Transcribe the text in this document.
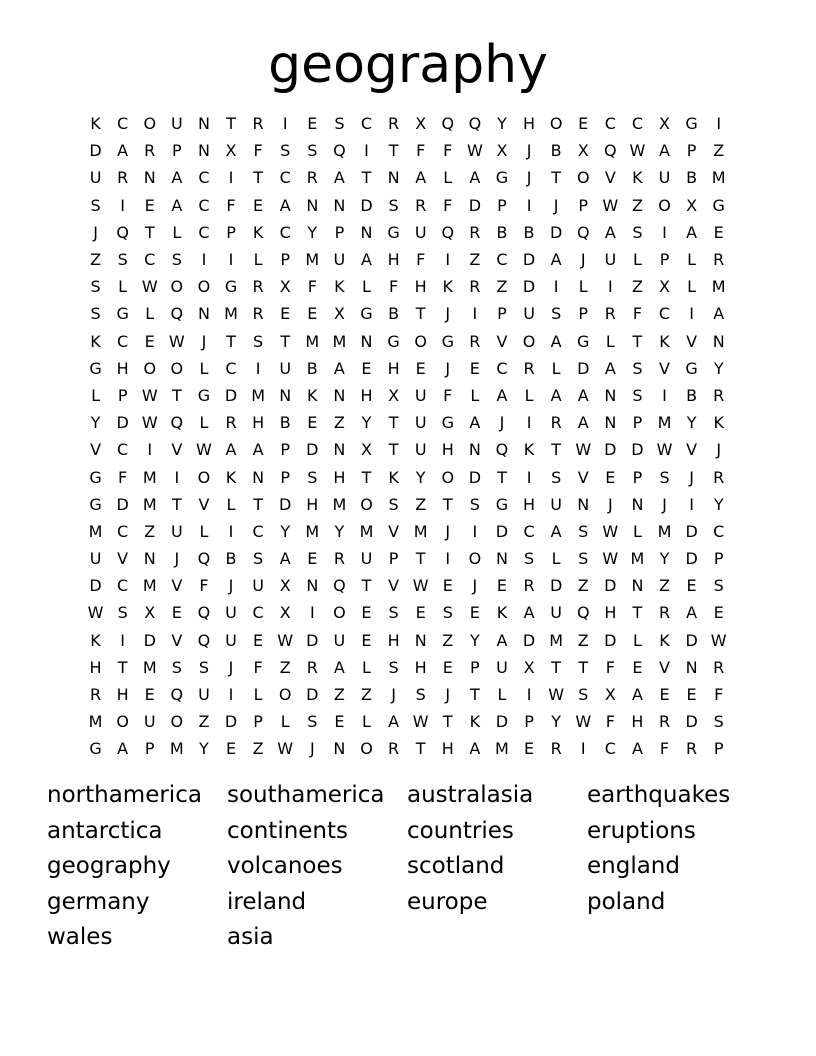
geography
K	C O U N	T	R	I	E	S	C R	X Q Q Y	H O E	C C	X G	I
D A	R	P	N X	F	S	S Q	I	T	F	F W X	J	B	X Q W A	P	Z
U R N A	C	I	T	C R	A	T	N A	L	A G	J	T O V	K U B M
S	I	E	A	C	F	E	A N N D S	R	F	D	P	I	J	P W Z O X G
J	Q T	L	C	P	K	C	Y	P	N G U Q R	B	B D Q A	S	I	A	E
Z	S	C	S	I	I	L	P M U A H	F	I	Z	C D A	J	U	L	P	L	R
S	L W O O G R	X	F	K	L	F	H K	R	Z D	I	L	I	Z	X	L M
S G	L	Q N M R	E	E	X G B	T	J	I	P	U	S	P	R	F	C	I	A
K	C	E W	J	T	S	T M M N G O G R	V O A G	L	T	K	V N
G H O O	L	C	I	U B	A	E	H	E	J	E	C R	L	D A	S	V G	Y
L	P W T	G D M N K N H X U	F	L	A	L	A	A N	S	I	B	R
Y	D W Q	L	R H B	E	Z	Y	T	U G A	J	I	R	A N	P M Y	K
V	C	I	V W A	A	P	D N X	T	U H N Q K	T W D D W V	J
G	F M	I	O K N	P	S	H	T	K	Y O D	T	I	S	V	E	P	S	J	R
G D M T	V	L	T	D H M O S	Z	T	S G H U N	J	N	J	I	Y
M C	Z U	L	I	C	Y M Y M V M	J	I	D C	A	S W L M D C
U V N	J	Q B	S	A	E	R U	P	T	I	O N	S	L	S W M Y	D	P
D C M V	F	J	U X N Q T	V W E	J	E	R D Z D N Z	E	S
W S	X	E Q U C	X	I	O E	S	E	S	E	K	A U Q H	T	R	A	E
K	I	D V Q U	E W D U	E	H N Z	Y	A D M Z D	L	K D W
H	T M S	S	J	F	Z	R	A	L	S	H	E	P	U X	T	T	F	E	V N R
R H	E Q U	I	L	O D Z	Z	J	S	J	T	L	I	W S	X	A	E	E	F
M O U O Z D	P	L	S	E	L	A W T	K D	P	Y W F	H R D S
G A	P M Y	E	Z W	J	N O R	T	H A M E	R	I	C	A	F	R	P
northamerica	southamerica australasia	earthquakes
antarctica	continents	countries	eruptions
geography	volcanoes	scotland	england
germany	ireland	europe	poland
wales	asia
